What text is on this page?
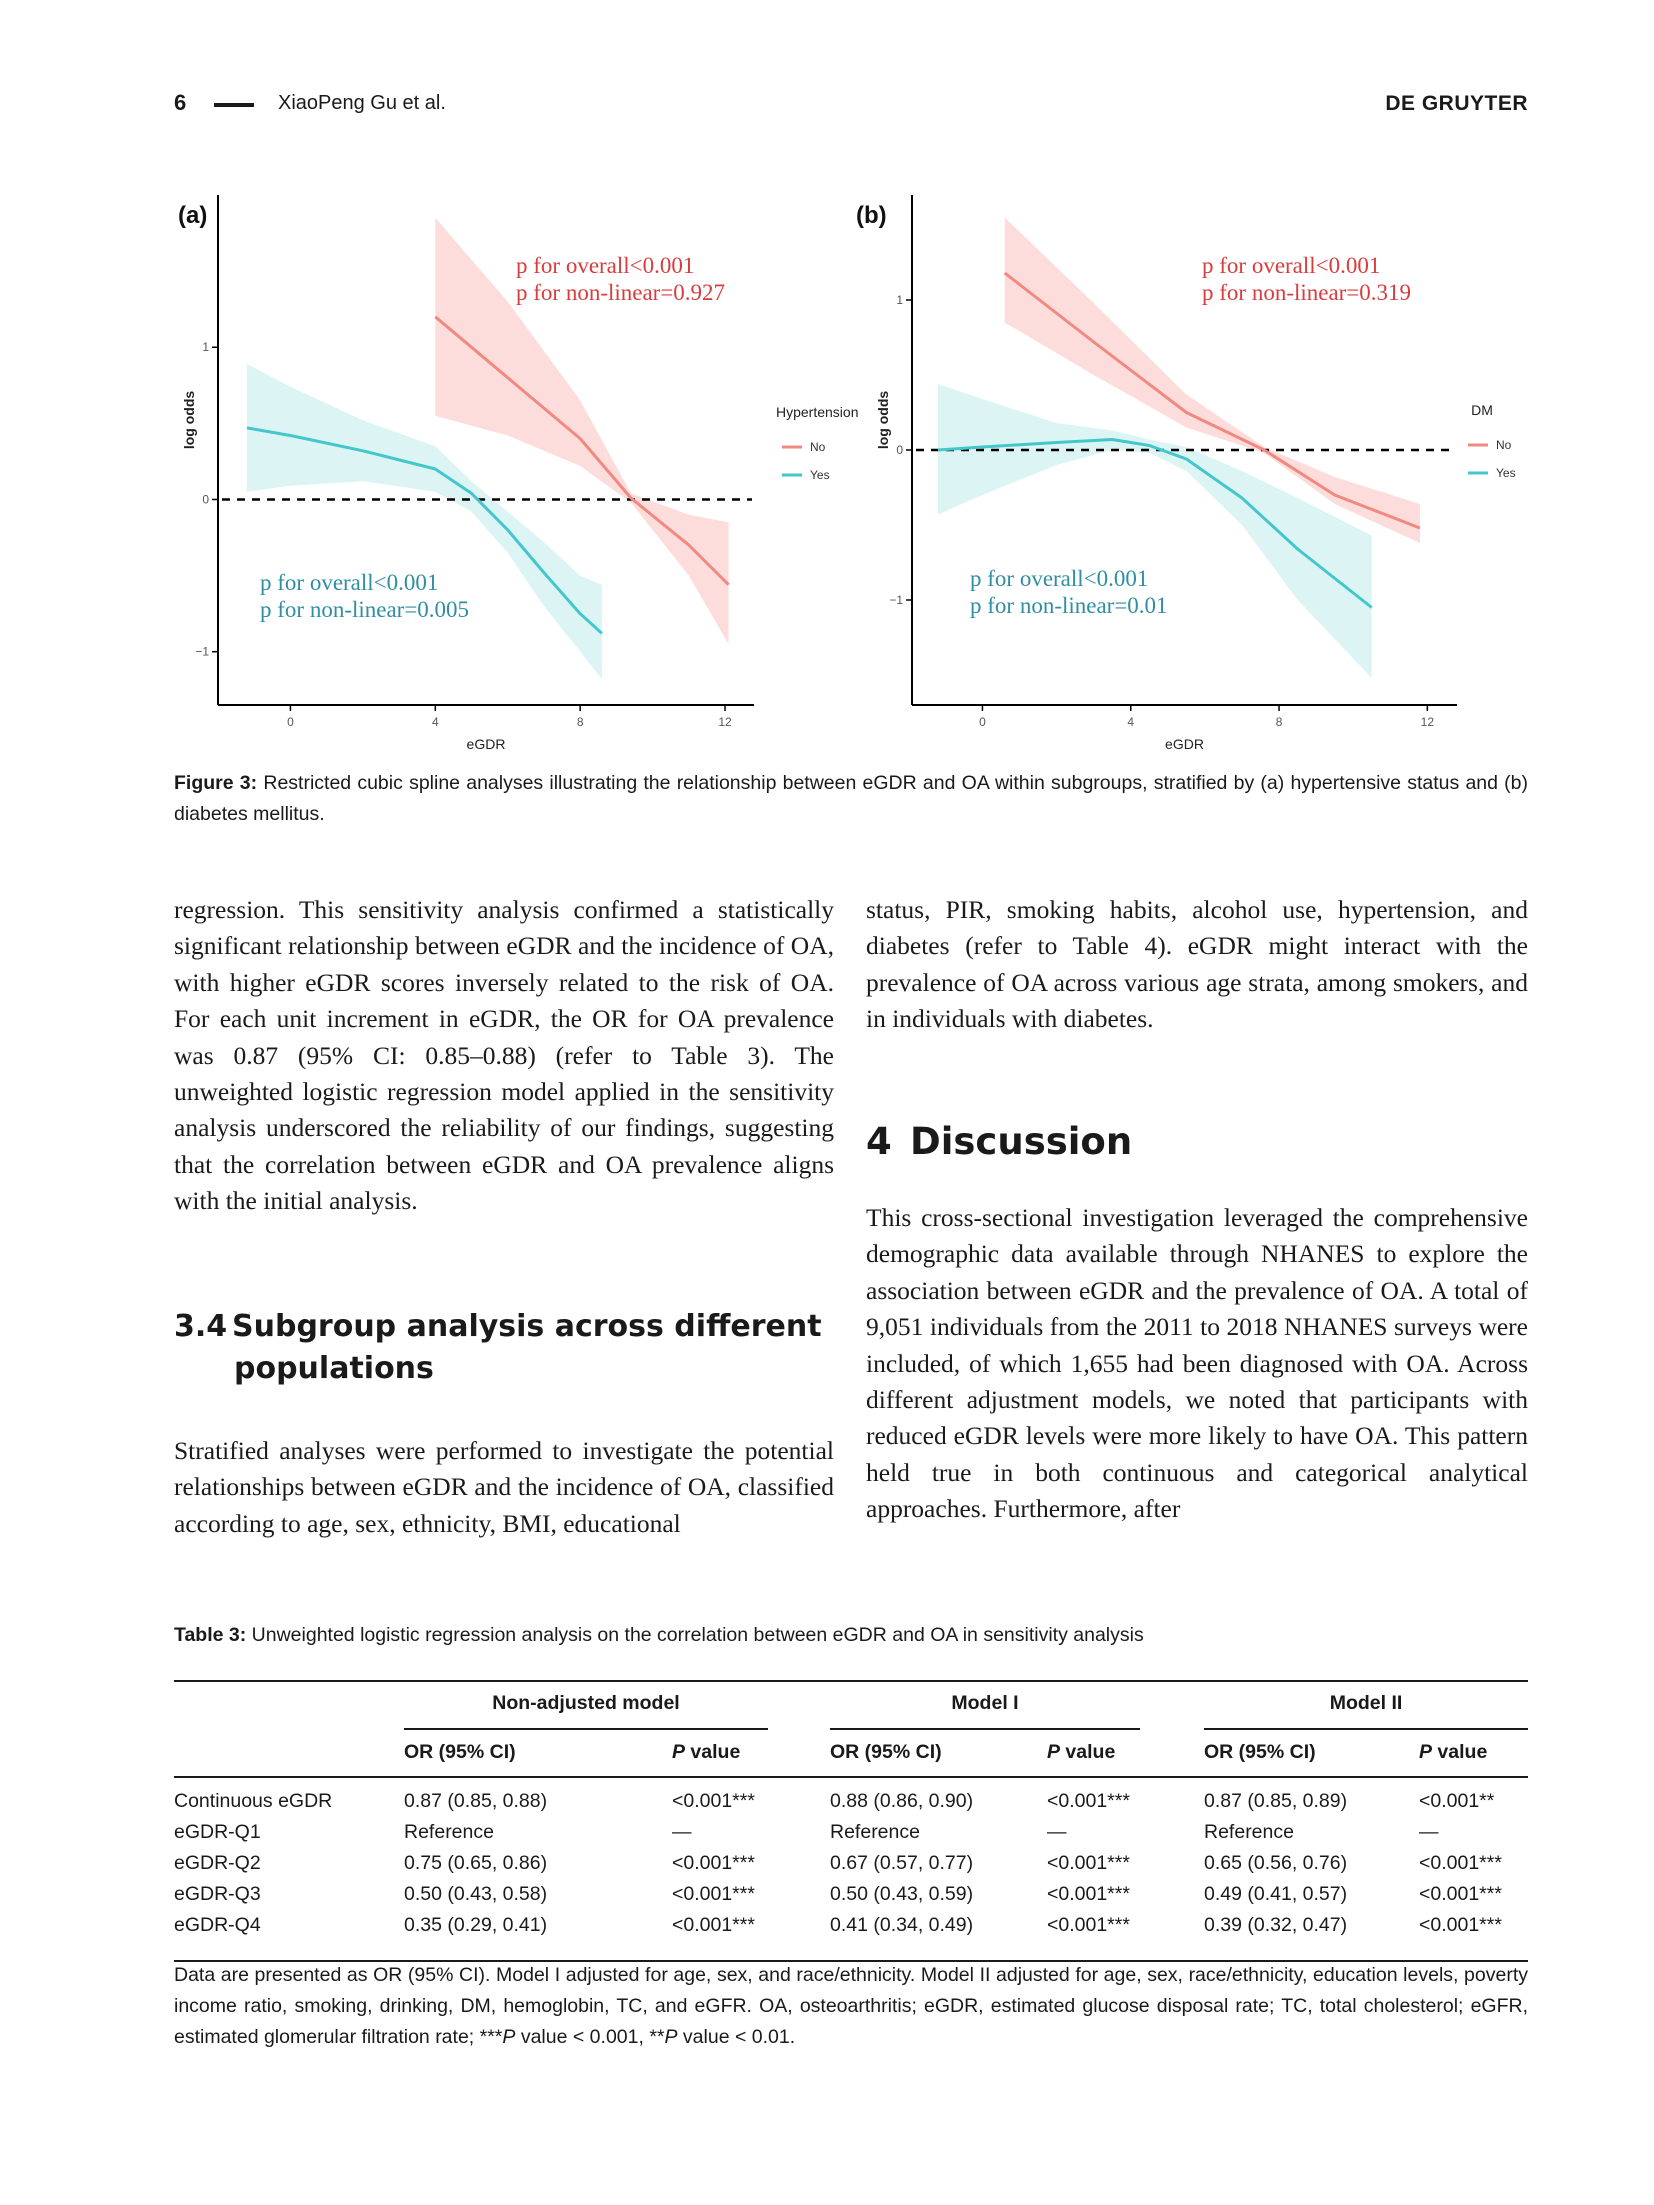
6	XiaoPeng Gu et al.	DE GRUYTER
0	4	8	12
−1
0
1
eGDR
log odds
(a)
p for overall<0.001
p for non-linear=0.927
p for overall<0.001
p for non-linear=0.005
Hypertension
No
Yes
0	4	8	12
−1
0
1
eGDR
log odds
(b)
p for overall<0.001
p for non-linear=0.319
p for overall<0.001
p for non-linear=0.01
DM
No
Yes
Figure 3: Restricted cubic spline analyses illustrating the relationship between eGDR and OA within subgroups, stratified by (a) hypertensive status and (b) diabetes mellitus.

regression. This sensitivity analysis confirmed a statistically significant relationship between eGDR and the incidence of OA, with higher eGDR scores inversely related to the risk of OA. For each unit increment in eGDR, the OR for OA prevalence was 0.87 (95% CI: 0.85–0.88) (refer to Table 3). The unweighted logistic regression model applied in the sensitivity analysis underscored the reliability of our findings, suggesting that the correlation between eGDR and OA prevalence aligns with the initial analysis.

3.4 Subgroup analysis across different
populations

Stratified analyses were performed to investigate the potential relationships between eGDR and the incidence of OA, classified according to age, sex, ethnicity, BMI, educational

status, PIR, smoking habits, alcohol use, hypertension, and diabetes (refer to Table 4). eGDR might interact with the prevalence of OA across various age strata, among smokers, and in individuals with diabetes.

4 Discussion

This cross-sectional investigation leveraged the comprehensive demographic data available through NHANES to explore the association between eGDR and the prevalence of OA. A total of 9,051 individuals from the 2011 to 2018 NHANES surveys were included, of which 1,655 had been diagnosed with OA. Across different adjustment models, we noted that participants with reduced eGDR levels were more likely to have OA. This pattern held true in both continuous and categorical analytical approaches. Furthermore, after

Table 3: Unweighted logistic regression analysis on the correlation between eGDR and OA in sensitivity analysis
Non-adjusted model	Model I	Model II
OR (95% CI)	P value	OR (95% CI)	P value	OR (95% CI)	P value
Continuous eGDR	0.87 (0.85, 0.88)	<0.001***	0.88 (0.86, 0.90)	<0.001***	0.87 (0.85, 0.89)	<0.001**
eGDR-Q1	Reference	—	Reference	—	Reference	—
eGDR-Q2	0.75 (0.65, 0.86)	<0.001***	0.67 (0.57, 0.77)	<0.001***	0.65 (0.56, 0.76)	<0.001***
eGDR-Q3	0.50 (0.43, 0.58)	<0.001***	0.50 (0.43, 0.59)	<0.001***	0.49 (0.41, 0.57)	<0.001***
eGDR-Q4	0.35 (0.29, 0.41)	<0.001***	0.41 (0.34, 0.49)	<0.001***	0.39 (0.32, 0.47)	<0.001***
Data are presented as OR (95% CI). Model I adjusted for age, sex, and race/ethnicity. Model II adjusted for age, sex, race/ethnicity, education levels, poverty income ratio, smoking, drinking, DM, hemoglobin, TC, and eGFR. OA, osteoarthritis; eGDR, estimated glucose disposal rate; TC, total cholesterol; eGFR, estimated glomerular filtration rate; ***P value < 0.001, **P value < 0.01.
